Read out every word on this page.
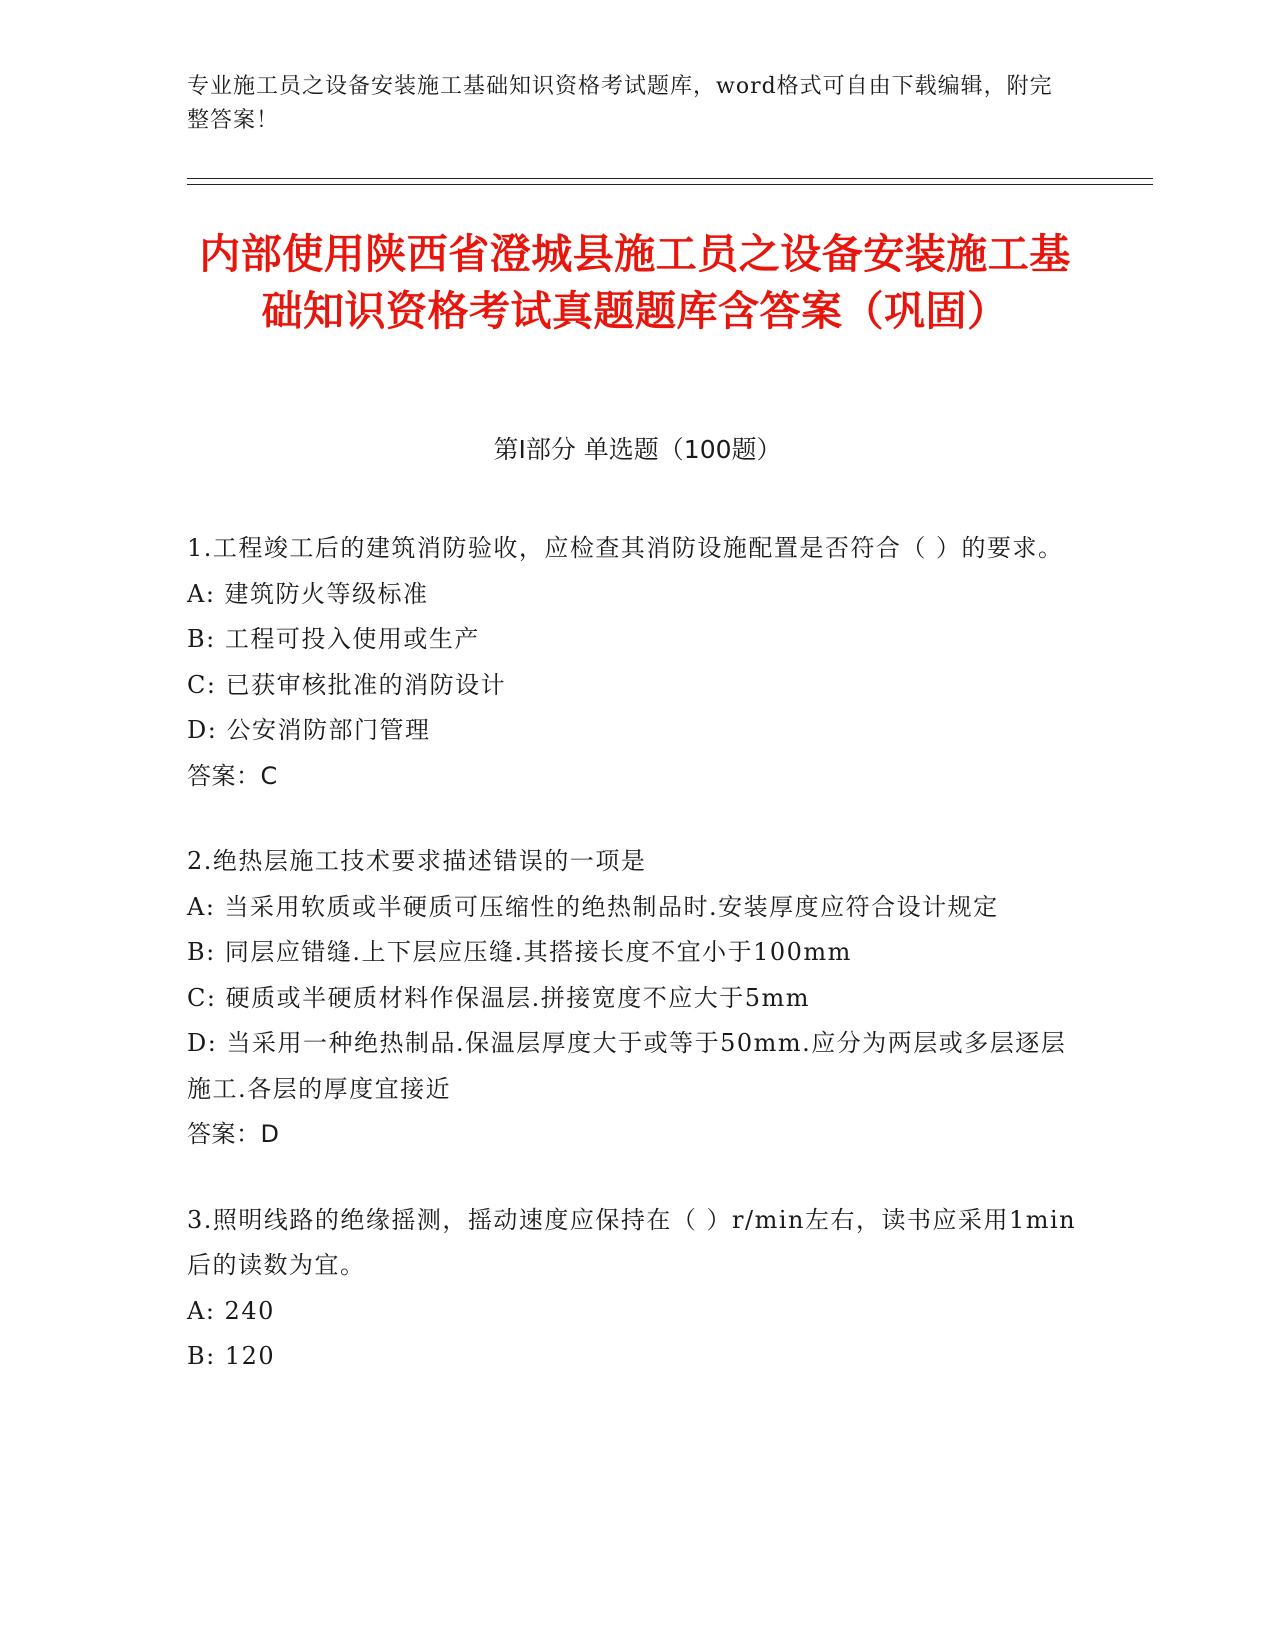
专业施工员之设备安装施工基础知识资格考试题库，word格式可自由下载编辑，附完整答案！
内部使用陕西省澄城县施工员之设备安装施工基础知识资格考试真题题库含答案（巩固）
第Ⅰ部分 单选题（100题）
1.工程竣工后的建筑消防验收，应检查其消防设施配置是否符合（ ）的要求。
A: 建筑防火等级标准
B: 工程可投入使用或生产
C: 已获审核批准的消防设计
D: 公安消防部门管理
答案：C
2.绝热层施工技术要求描述错误的一项是
A: 当采用软质或半硬质可压缩性的绝热制品时.安装厚度应符合设计规定
B: 同层应错缝.上下层应压缝.其搭接长度不宜小于100mm
C: 硬质或半硬质材料作保温层.拼接宽度不应大于5mm
D: 当采用一种绝热制品.保温层厚度大于或等于50mm.应分为两层或多层逐层施工.各层的厚度宜接近
答案：D
3.照明线路的绝缘摇测，摇动速度应保持在（ ）r/min左右，读书应采用1min后的读数为宜。
A: 240
B: 120
